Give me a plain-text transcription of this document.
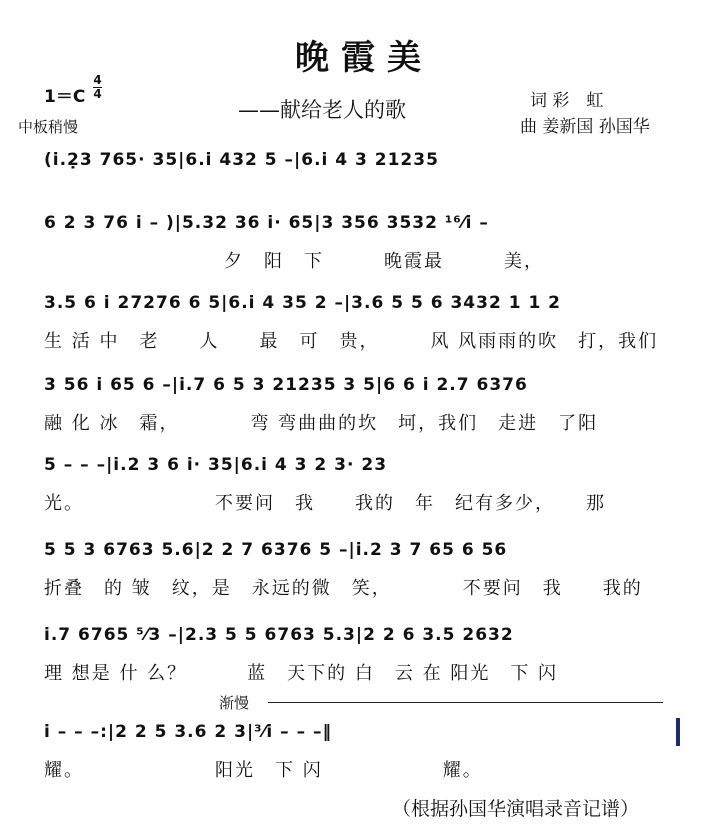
晚霞美
——献给老人的歌
1＝C
4
4
中板稍慢
词 彩　虹
曲 姜新国 孙国华
(i.2̣3 765· 35|6.i 432 5 –|6.i 4 3 21235
6 2 3 76 i – )|5.32 36 i· 65|3 356 3532 ¹⁶⁄i –
　　　　　　　　　夕　阳　下　　　晚霞最　　　美，
3.5 6 i 27276 6 5|6.i 4 35 2 –|3.6 5 5 6 3432 1 1 2
生 活 中　老　　人　　最　可　贵，　　　风 风雨雨的吹　打，我们
3 56 i 65 6 –|i.7 6 5 3 21235 3 5|6 6 i 2.7 6376
融 化 冰　霜，　　　　弯 弯曲曲的坎　坷，我们　走进　了阳
5 – – –|i.2 3 6 i· 35|6.i 4 3 2 3· 23
光。　　　　　　　不要问　我　　我的　年　纪有多少，　　那
5 5 3 6763 5.6|2 2 7 6376 5 –|i.2 3 7 65 6 56
折叠　的 皱　纹，是　永远的微　笑，　　　　不要问　我　　我的
i.7 6765 ⁵⁄3 –|2.3 5 5 6763 5.3|2 2 6 3.5 2632
理 想是 什 么？　　　蓝　天下的 白　云 在 阳光　下 闪
渐慢
i – – –:|2 2 5 3.6 2 3|³⁄i – – –‖
耀。　　　　　　　阳光　下 闪　　　　　　耀。
（根据孙国华演唱录音记谱）
